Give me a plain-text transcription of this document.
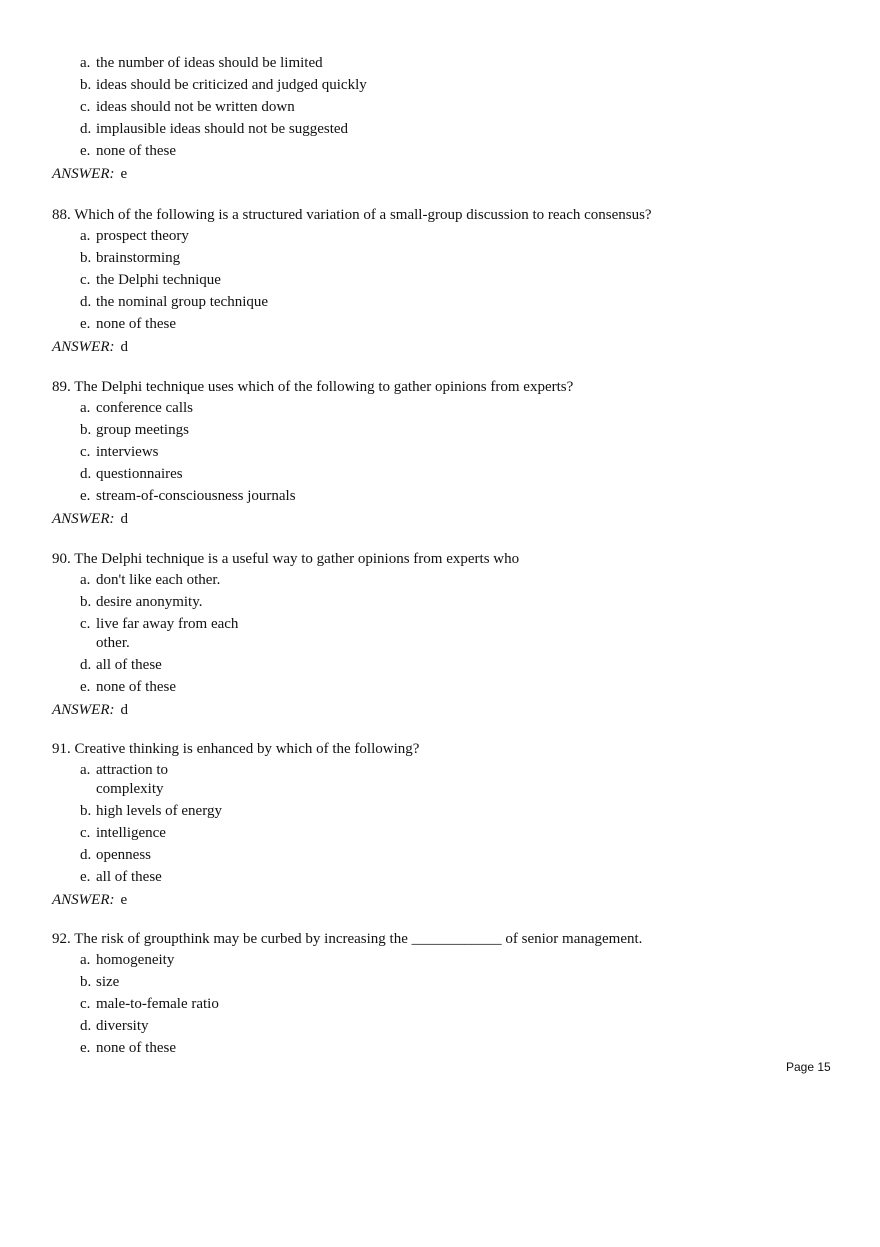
a. the number of ideas should be limited
b. ideas should be criticized and judged quickly
c. ideas should not be written down
d. implausible ideas should not be suggested
e. none of these
ANSWER: e
88. Which of the following is a structured variation of a small-group discussion to reach consensus?
a. prospect theory
b. brainstorming
c. the Delphi technique
d. the nominal group technique
e. none of these
ANSWER: d
89. The Delphi technique uses which of the following to gather opinions from experts?
a. conference calls
b. group meetings
c. interviews
d. questionnaires
e. stream-of-consciousness journals
ANSWER: d
90. The Delphi technique is a useful way to gather opinions from experts who
a. don't like each other.
b. desire anonymity.
c. live far away from each other.
d. all of these
e. none of these
ANSWER: d
91. Creative thinking is enhanced by which of the following?
a. attraction to complexity
b. high levels of energy
c. intelligence
d. openness
e. all of these
ANSWER: e
92. The risk of groupthink may be curbed by increasing the ____________ of senior management.
a. homogeneity
b. size
c. male-to-female ratio
d. diversity
e. none of these
Page 15
